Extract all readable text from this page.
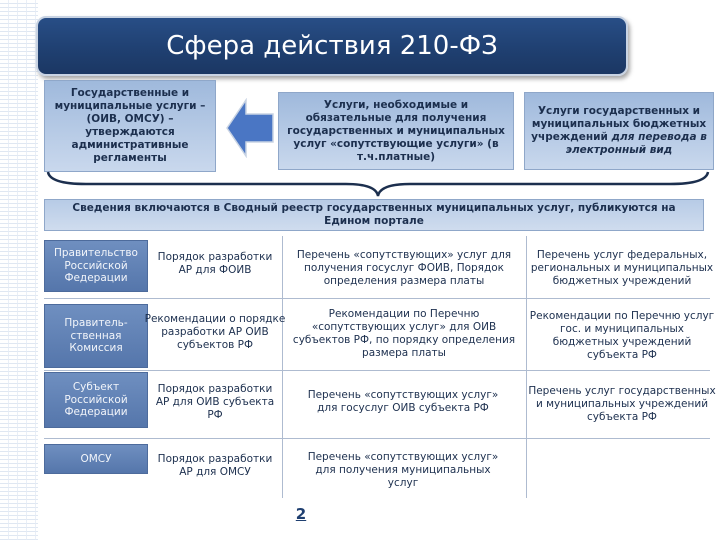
Сфера действия 210-ФЗ
Государственные и муниципальные услуги – (ОИВ, ОМСУ) – утверждаются административные регламенты
Услуги, необходимые и обязательные для получения государственных и муниципальных услуг «сопутствующие услуги» (в т.ч.платные)
Услуги государственных и муниципальных бюджетных учреждений для перевода в электронный вид
Сведения включаются в Сводный реестр государственных муниципальных услуг, публикуются на Едином портале
Правительство Российской Федерации
Порядок разработки АР для ФОИВ
Перечень «сопутствующих» услуг для получения госуслуг ФОИВ, Порядок определения размера платы
Перечень услуг федеральных, региональных и муниципальных бюджетных учреждений
Правитель-ственная Комиссия
Рекомендации о порядке разработки АР ОИВ субъектов РФ
Рекомендации по Перечню «сопутствующих услуг» для ОИВ субъектов РФ, по порядку определения размера платы
Рекомендации по Перечню услуг гос. и муниципальных бюджетных учреждений субъекта РФ
Субъект Российской Федерации
Порядок разработки АР для ОИВ субъекта РФ
Перечень «сопутствующих услуг» для госуслуг ОИВ субъекта РФ
Перечень услуг государственных и муниципальных учреждений субъекта РФ
ОМСУ	Порядок разработки АР для ОМСУ
Перечень «сопутствующих услуг» для получения муниципальных услуг
2
